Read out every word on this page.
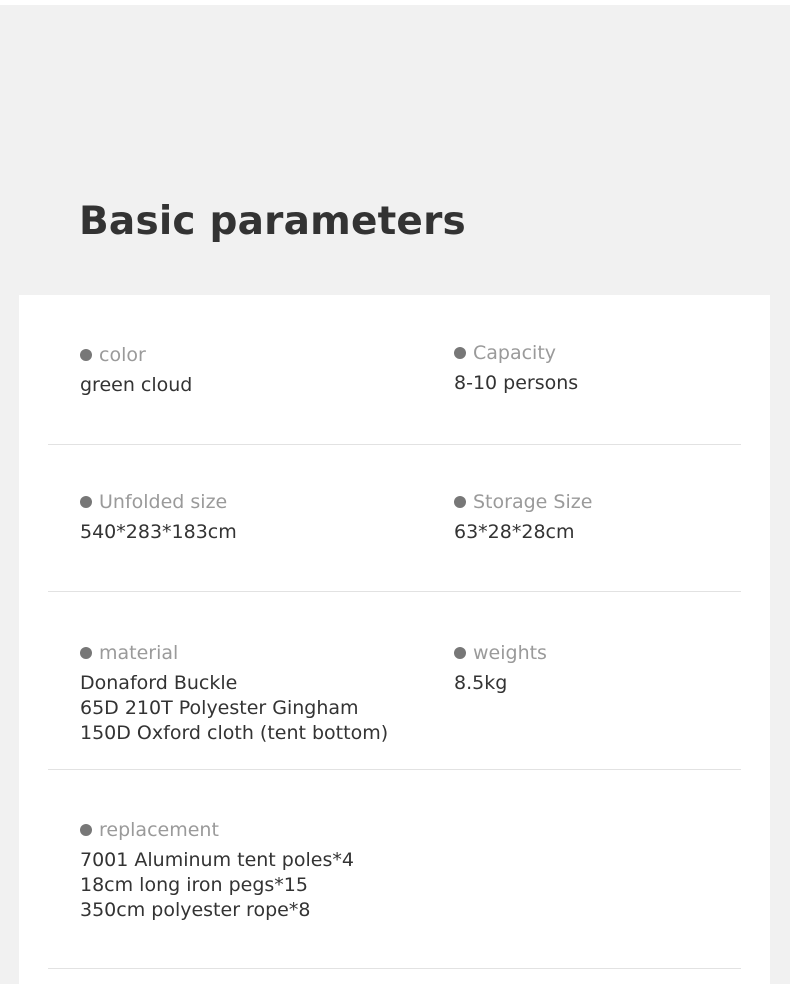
Basic parameters
color
green cloud
Capacity
8-10 persons
Unfolded size
540*283*183cm
Storage Size
63*28*28cm
material
Donaford Buckle
65D 210T Polyester Gingham
150D Oxford cloth (tent bottom)
weights
8.5kg
replacement
7001 Aluminum tent poles*4
18cm long iron pegs*15
350cm polyester rope*8
